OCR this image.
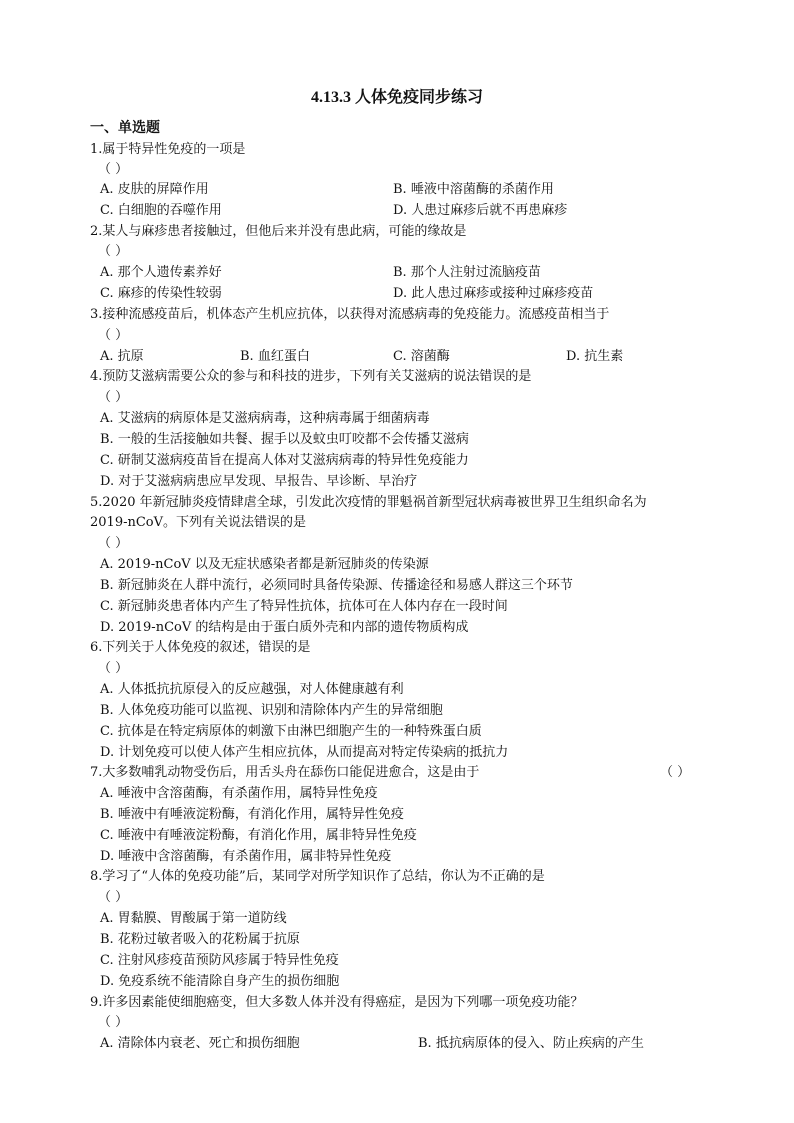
4.13.3 人体免疫同步练习
一、单选题
1.属于特异性免疫的一项是
（ ）
A. 皮肤的屏障作用	B. 唾液中溶菌酶的杀菌作用
C. 白细胞的吞噬作用	D. 人患过麻疹后就不再患麻疹
2.某人与麻疹患者接触过，但他后来并没有患此病，可能的缘故是
（ ）
A. 那个人遗传素养好	B. 那个人注射过流脑疫苗
C. 麻疹的传染性较弱	D. 此人患过麻疹或接种过麻疹疫苗
3.接种流感疫苗后，机体态产生机应抗体，以获得对流感病毒的免疫能力。流感疫苗相当于
（ ）
A. 抗原	B. 血红蛋白	C. 溶菌酶	D. 抗生素
4.预防艾滋病需要公众的参与和科技的进步，下列有关艾滋病的说法错误的是
（ ）
A. 艾滋病的病原体是艾滋病病毒，这种病毒属于细菌病毒
B. 一般的生活接触如共餐、握手以及蚊虫叮咬都不会传播艾滋病
C. 研制艾滋病疫苗旨在提高人体对艾滋病病毒的特异性免疫能力
D. 对于艾滋病病患应早发现、早报告、早诊断、早治疗
5.2020 年新冠肺炎疫情肆虐全球，引发此次疫情的罪魁祸首新型冠状病毒被世界卫生组织命名为
2019-nCoV。下列有关说法错误的是
（ ）
A. 2019-nCoV 以及无症状感染者都是新冠肺炎的传染源
B. 新冠肺炎在人群中流行，必须同时具备传染源、传播途径和易感人群这三个环节
C. 新冠肺炎患者体内产生了特异性抗体，抗体可在人体内存在一段时间
D. 2019-nCoV 的结构是由于蛋白质外壳和内部的遗传物质构成
6.下列关于人体免疫的叙述，错误的是
（ ）
A. 人体抵抗抗原侵入的反应越强，对人体健康越有利
B. 人体免疫功能可以监视、识别和清除体内产生的异常细胞
C. 抗体是在特定病原体的刺激下由淋巴细胞产生的一种特殊蛋白质
D. 计划免疫可以使人体产生相应抗体，从而提高对特定传染病的抵抗力
7.大多数哺乳动物受伤后，用舌头舟在舔伤口能促进愈合，这是由于	（ ）
A. 唾液中含溶菌酶，有杀菌作用，属特异性免疫
B. 唾液中有唾液淀粉酶，有消化作用，属特异性免疫
C. 唾液中有唾液淀粉酶，有消化作用，属非特异性免疫
D. 唾液中含溶菌酶，有杀菌作用，属非特异性免疫
8.学习了“人体的免疫功能”后，某同学对所学知识作了总结，你认为不正确的是
（ ）
A. 胃黏膜、胃酸属于第一道防线
B. 花粉过敏者吸入的花粉属于抗原
C. 注射风疹疫苗预防风疹属于特异性免疫
D. 免疫系统不能清除自身产生的损伤细胞
9.许多因素能使细胞癌变，但大多数人体并没有得癌症，是因为下列哪一项免疫功能？
（ ）
A. 清除体内衰老、死亡和损伤细胞	B. 抵抗病原体的侵入、防止疾病的产生
